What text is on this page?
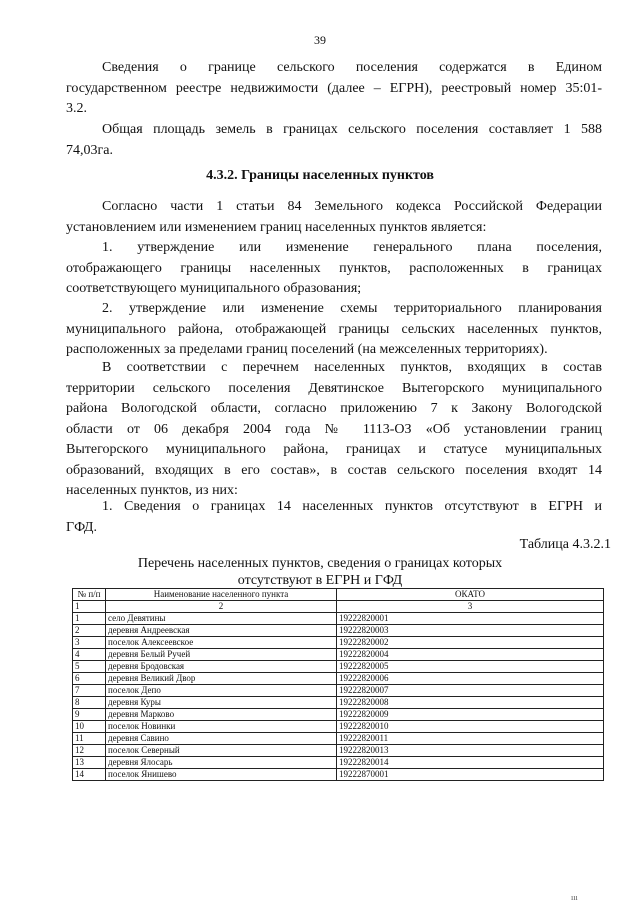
39
Сведения о границе сельского поселения содержатся в Едином
государственном реестре недвижимости (далее – ЕГРН), реестровый номер 35:01-
3.2.
Общая площадь земель в границах сельского поселения составляет 1 588
74,03га.
4.3.2. Границы населенных пунктов
Согласно части 1 статьи 84 Земельного кодекса Российской Федерации
установлением или изменением границ населенных пунктов является:
1. утверждение или изменение генерального плана поселения,
отображающего границы населенных пунктов, расположенных в границах
соответствующего муниципального образования;
2. утверждение или изменение схемы территориального планирования
муниципального района, отображающей границы сельских населенных пунктов,
расположенных за пределами границ поселений (на межселенных территориях).
В соответствии с перечнем населенных пунктов, входящих в состав
территории сельского поселения Девятинское Вытегорского муниципального
района Вологодской области, согласно приложению 7 к Закону Вологодской
области от 06 декабря 2004 года № 1113-ОЗ «Об установлении границ
Вытегорского муниципального района, границах и статусе муниципальных
образований, входящих в его состав», в состав сельского поселения входят 14
населенных пунктов, из них:
1. Сведения о границах 14 населенных пунктов отсутствуют в ЕГРН и
ГФД.
Таблица 4.3.2.1
Перечень населенных пунктов, сведения о границах которых
отсутствуют в ЕГРН и ГФД
№ п/п	Наименование населенного пункта	ОКАТО
1	2	3
1	село Девятины	19222820001
2	деревня Андреевская	19222820003
3	поселок Алексеевское	19222820002
4	деревня Белый Ручей	19222820004
5	деревня Бродовская	19222820005
6	деревня Великий Двор	19222820006
7	поселок Депо	19222820007
8	деревня Куры	19222820008
9	деревня Марково	19222820009
10	поселок Новинки	19222820010
11	деревня Савино	19222820011
12	поселок Северный	19222820013
13	деревня Ялосарь	19222820014
14	поселок Янишево	19222870001
ııı
